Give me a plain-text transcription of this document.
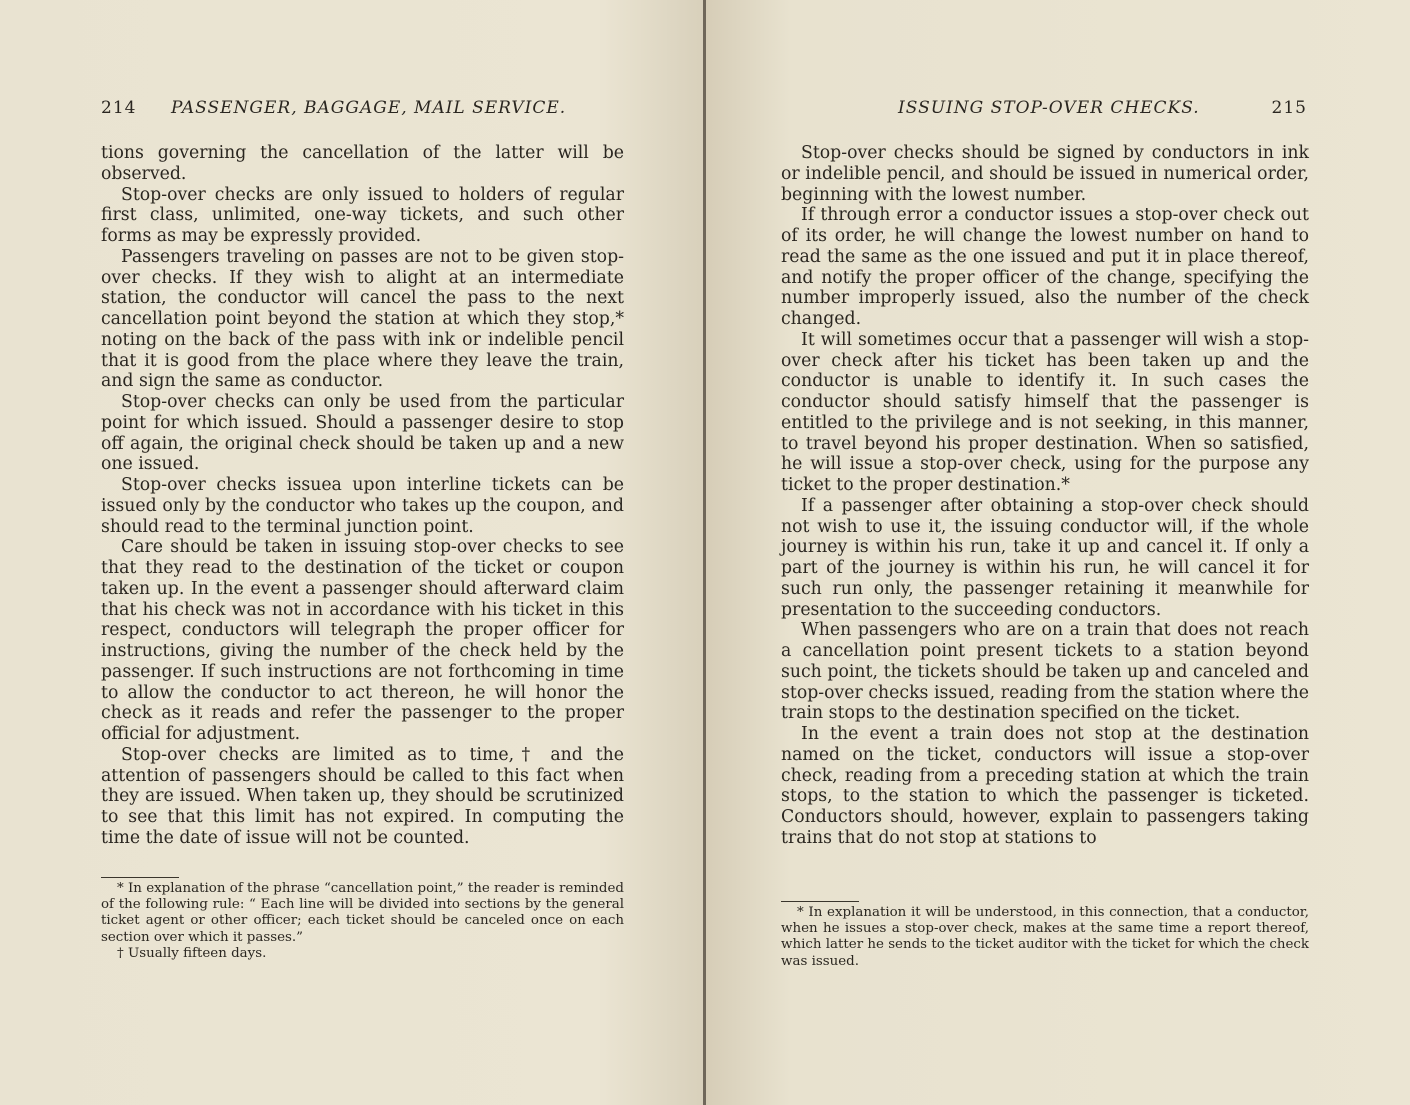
214 PASSENGER, BAGGAGE, MAIL SERVICE.

tions governing the cancellation of the latter will be observed.

Stop-over checks are only issued to holders of regular first class, unlimited, one-way tickets, and such other forms as may be expressly provided.

Passengers traveling on passes are not to be given stop-over checks. If they wish to alight at an intermediate station, the conductor will cancel the pass to the next cancellation point beyond the station at which they stop,* noting on the back of the pass with ink or indelible pencil that it is good from the place where they leave the train, and sign the same as conductor.

Stop-over checks can only be used from the particular point for which issued. Should a passenger desire to stop off again, the original check should be taken up and a new one issued.

Stop-over checks issuea upon interline tickets can be issued only by the conductor who takes up the coupon, and should read to the terminal junction point.

Care should be taken in issuing stop-over checks to see that they read to the destination of the ticket or coupon taken up. In the event a passenger should afterward claim that his check was not in accordance with his ticket in this respect, conductors will telegraph the proper officer for instructions, giving the number of the check held by the passenger. If such instructions are not forthcoming in time to allow the conductor to act thereon, he will honor the check as it reads and refer the passenger to the proper official for adjustment.

Stop-over checks are limited as to time,† and the attention of passengers should be called to this fact when they are issued. When taken up, they should be scrutinized to see that this limit has not expired. In computing the time the date of issue will not be counted.

* In explanation of the phrase “cancellation point,” the reader is reminded of the following rule: “ Each line will be divided into sections by the general ticket agent or other officer; each ticket should be canceled once on each section over which it passes.”

† Usually fifteen days.

ISSUING STOP-OVER CHECKS.	215

Stop-over checks should be signed by conductors in ink or indelible pencil, and should be issued in numerical order, beginning with the lowest number.

If through error a conductor issues a stop-over check out of its order, he will change the lowest number on hand to read the same as the one issued and put it in place thereof, and notify the proper officer of the change, specifying the number improperly issued, also the number of the check changed.

It will sometimes occur that a passenger will wish a stop-over check after his ticket has been taken up and the conductor is unable to identify it. In such cases the conductor should satisfy himself that the passenger is entitled to the privilege and is not seeking, in this manner, to travel beyond his proper destination. When so satisfied, he will issue a stop-over check, using for the purpose any ticket to the proper destination.*

If a passenger after obtaining a stop-over check should not wish to use it, the issuing conductor will, if the whole journey is within his run, take it up and cancel it. If only a part of the journey is within his run, he will cancel it for such run only, the passenger retaining it meanwhile for presentation to the succeeding conductors.

When passengers who are on a train that does not reach a cancellation point present tickets to a station beyond such point, the tickets should be taken up and canceled and stop-over checks issued, reading from the station where the train stops to the destination specified on the ticket.

In the event a train does not stop at the destination named on the ticket, conductors will issue a stop-over check, reading from a preceding station at which the train stops, to the station to which the passenger is ticketed. Conductors should, however, explain to passengers taking trains that do not stop at stations to

* In explanation it will be understood, in this connection, that a conductor, when he issues a stop-over check, makes at the same time a report thereof, which latter he sends to the ticket auditor with the ticket for which the check was issued.
